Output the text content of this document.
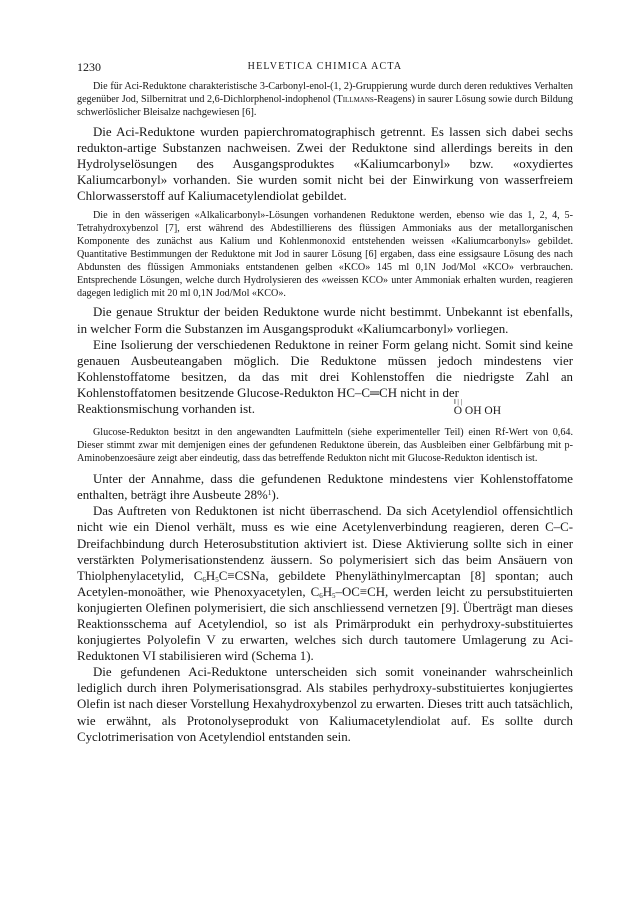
1230	HELVETICA CHIMICA ACTA

Die für Aci-Reduktone charakteristische 3-Carbonyl-enol-(1, 2)-Gruppierung wurde durch deren reduktives Verhalten gegenüber Jod, Silbernitrat und 2,6-Dichlorphenol-indophenol (Tillmans-Reagens) in saurer Lösung sowie durch Bildung schwerlöslicher Bleisalze nachgewiesen [6].

Die Aci-Reduktone wurden papierchromatographisch getrennt. Es lassen sich dabei sechs redukton-artige Substanzen nachweisen. Zwei der Reduktone sind allerdings bereits in den Hydrolyselösungen des Ausgangsproduktes «Kaliumcarbonyl» bzw. «oxydiertes Kaliumcarbonyl» vorhanden. Sie wurden somit nicht bei der Einwirkung von wasserfreiem Chlorwasserstoff auf Kaliumacetylendiolat gebildet.

Die in den wässerigen «Alkalicarbonyl»-Lösungen vorhandenen Reduktone werden, ebenso wie das 1, 2, 4, 5-Tetrahydroxybenzol [7], erst während des Abdestillierens des flüssigen Ammoniaks aus der metallorganischen Komponente des zunächst aus Kalium und Kohlenmonoxid entstehenden weissen «Kaliumcarbonyls» gebildet. Quantitative Bestimmungen der Reduktone mit Jod in saurer Lösung [6] ergaben, dass eine essigsaure Lösung des nach Abdunsten des flüssigen Ammoniaks entstandenen gelben «KCO» 145 ml 0,1N Jod/Mol «KCO» verbrauchen. Entsprechende Lösungen, welche durch Hydrolysieren des «weissen KCO» unter Ammoniak erhalten wurden, reagieren dagegen lediglich mit 20 ml 0,1N Jod/Mol «KCO».

Die genaue Struktur der beiden Reduktone wurde nicht bestimmt. Unbekannt ist ebenfalls, in welcher Form die Substanzen im Ausgangsprodukt «Kaliumcarbonyl» vorliegen.

Eine Isolierung der verschiedenen Reduktone in reiner Form gelang nicht. Somit sind keine genauen Ausbeuteangaben möglich. Die Reduktone müssen jedoch mindestens vier Kohlenstoffatome besitzen, da das mit drei Kohlenstoffen die niedrigste Zahl an Kohlenstoffatomen besitzende Glucose-Redukton HC–C═CH nicht in der

Reaktionsmischung vorhanden ist.	‖ | |
O OH OH

Glucose-Redukton besitzt in den angewandten Laufmitteln (siehe experimenteller Teil) einen Rf-Wert von 0,64. Dieser stimmt zwar mit demjenigen eines der gefundenen Reduktone überein, das Ausbleiben einer Gelbfärbung mit p-Aminobenzoesäure zeigt aber eindeutig, dass das betreffende Redukton nicht mit Glucose-Redukton identisch ist.

Unter der Annahme, dass die gefundenen Reduktone mindestens vier Kohlenstoffatome enthalten, beträgt ihre Ausbeute 28%$^1$).

Das Auftreten von Reduktonen ist nicht überraschend. Da sich Acetylendiol offensichtlich nicht wie ein Dienol verhält, muss es wie eine Acetylenverbindung reagieren, deren C–C-Dreifachbindung durch Heterosubstitution aktiviert ist. Diese Aktivierung sollte sich in einer verstärkten Polymerisationstendenz äussern. So polymerisiert sich das beim Ansäuern von Thiolphenylacetylid, $C_6H_5C\equiv CSNa$, gebildete Phenyläthinylmercaptan [8] spontan; auch Acetylen-monoäther, wie Phenoxyacetylen, $C_6H_5-OC\equiv CH$, werden leicht zu persubstituierten konjugierten Olefinen polymerisiert, die sich anschliessend vernetzen [9]. Überträgt man dieses Reaktionsschema auf Acetylendiol, so ist als Primärprodukt ein perhydroxy-substituiertes konjugiertes Polyolefin V zu erwarten, welches sich durch tautomere Umlagerung zu Aci-Reduktonen VI stabilisieren wird (Schema 1).

Die gefundenen Aci-Reduktone unterscheiden sich somit voneinander wahrscheinlich lediglich durch ihren Polymerisationsgrad. Als stabiles perhydroxy-substituiertes konjugiertes Olefin ist nach dieser Vorstellung Hexahydroxybenzol zu erwarten. Dieses tritt auch tatsächlich, wie erwähnt, als Protonolyseprodukt von Kaliumacetylendiolat auf. Es sollte durch Cyclotrimerisation von Acetylendiol entstanden sein.
